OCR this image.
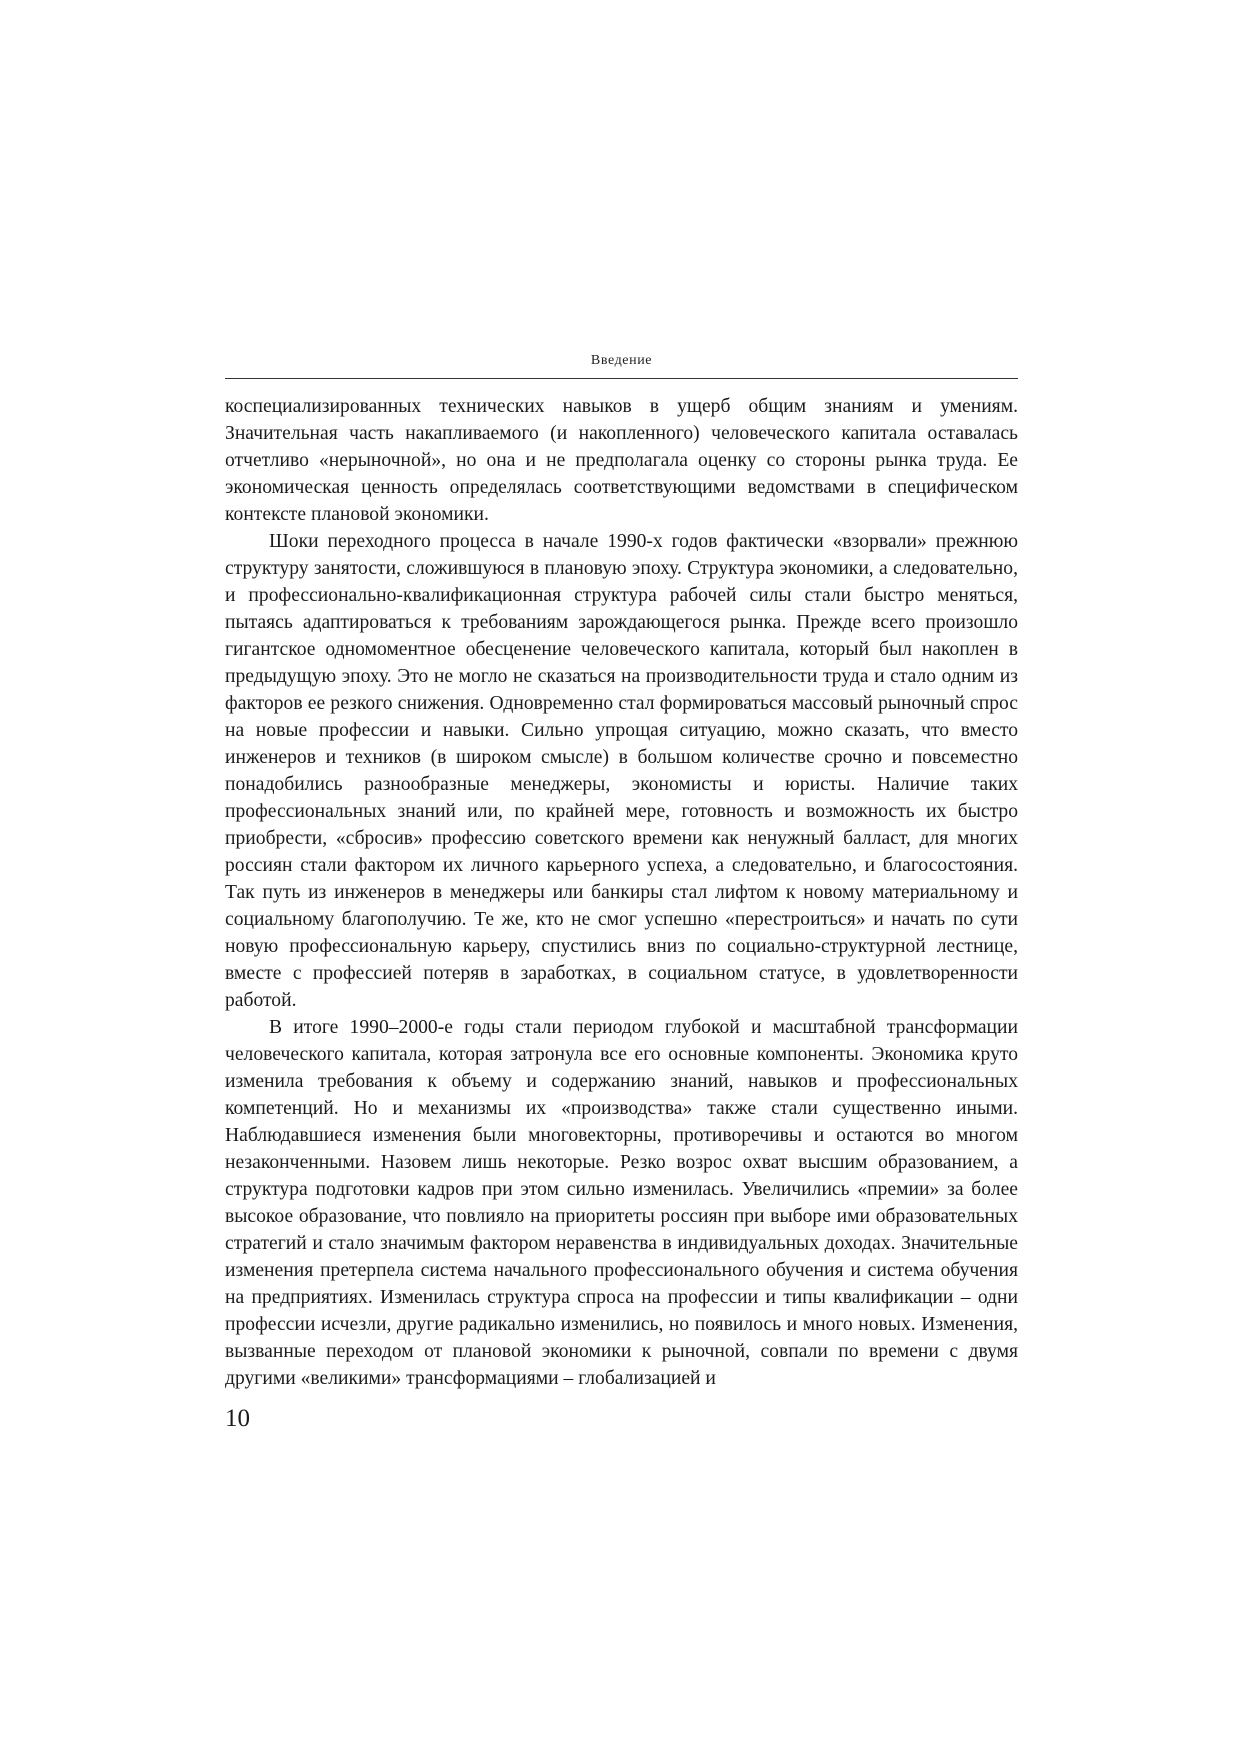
Введение

коспециализированных технических навыков в ущерб общим знаниям и умениям. Значительная часть накапливаемого (и накопленного) человеческого капитала оставалась отчетливо «нерыночной», но она и не предполагала оценку со стороны рынка труда. Ее экономическая ценность определялась соответствующими ведомствами в специфическом контексте плановой экономики.

Шоки переходного процесса в начале 1990-х годов фактически «взорвали» прежнюю структуру занятости, сложившуюся в плановую эпоху. Структура экономики, а следовательно, и профессионально-квалификационная структура рабочей силы стали быстро меняться, пытаясь адаптироваться к требованиям зарождающегося рынка. Прежде всего произошло гигантское одномоментное обесценение человеческого капитала, который был накоплен в предыдущую эпоху. Это не могло не сказаться на производительности труда и стало одним из факторов ее резкого снижения. Одновременно стал формироваться массовый рыночный спрос на новые профессии и навыки. Сильно упрощая ситуацию, можно сказать, что вместо инженеров и техников (в широком смысле) в большом количестве срочно и повсеместно понадобились разнообразные менеджеры, экономисты и юристы. Наличие таких профессиональных знаний или, по крайней мере, готовность и возможность их быстро приобрести, «сбросив» профессию советского времени как ненужный балласт, для многих россиян стали фактором их личного карьерного успеха, а следовательно, и благосостояния. Так путь из инженеров в менеджеры или банкиры стал лифтом к новому материальному и социальному благополучию. Те же, кто не смог успешно «перестроиться» и начать по сути новую профессиональную карьеру, спустились вниз по социально-структурной лестнице, вместе с профессией потеряв в заработках, в социальном статусе, в удовлетворенности работой.

В итоге 1990–2000-е годы стали периодом глубокой и масштабной трансформации человеческого капитала, которая затронула все его основные компоненты. Экономика круто изменила требования к объему и содержанию знаний, навыков и профессиональных компетенций. Но и механизмы их «производства» также стали существенно иными. Наблюдавшиеся изменения были многовекторны, противоречивы и остаются во многом незаконченными. Назовем лишь некоторые. Резко возрос охват высшим образованием, а структура подготовки кадров при этом сильно изменилась. Увеличились «премии» за более высокое образование, что повлияло на приоритеты россиян при выборе ими образовательных стратегий и стало значимым фактором неравенства в индивидуальных доходах. Значительные изменения претерпела система начального профессионального обучения и система обучения на предприятиях. Изменилась структура спроса на профессии и типы квалификации – одни профессии исчезли, другие радикально изменились, но появилось и много новых. Изменения, вызванные переходом от плановой экономики к рыночной, совпали по времени с двумя другими «великими» трансформациями – глобализацией и

10
